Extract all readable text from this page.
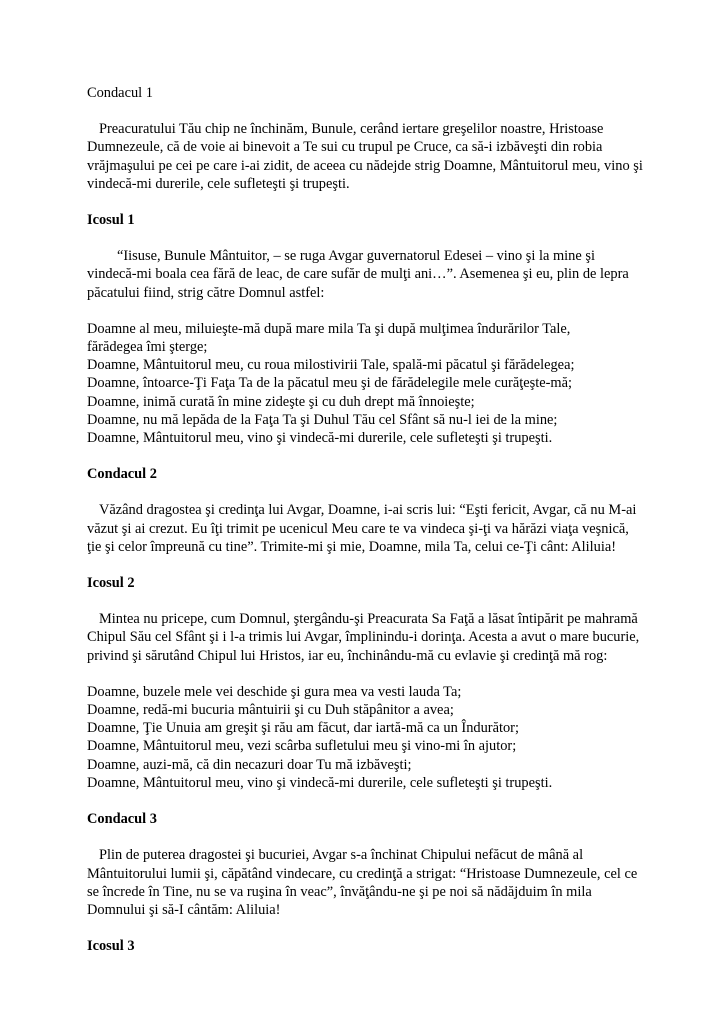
Condacul 1

Preacuratului Tău chip ne închinăm, Bunule, cerând iertare greşelilor noastre, Hristoase Dumnezeule, că de voie ai binevoit a Te sui cu trupul pe Cruce, ca să-i izbăveşti din robia vrăjmaşului pe cei pe care i-ai zidit, de aceea cu nădejde strig Doamne, Mântuitorul meu, vino şi vindecă-mi durerile, cele sufleteşti şi trupeşti.

Icosul 1

“Iisuse, Bunule Mântuitor, – se ruga Avgar guvernatorul Edesei – vino şi la mine şi vindecă-mi boala cea fără de leac, de care sufăr de mulţi ani…”. Asemenea şi eu, plin de lepra păcatului fiind, strig către Domnul astfel:

Doamne al meu, miluieşte-mă după mare mila Ta şi după mulţimea îndurărilor Tale,
fărădegea îmi şterge;
Doamne, Mântuitorul meu, cu roua milostivirii Tale, spală-mi păcatul şi fărădelegea;
Doamne, întoarce-Ţi Faţa Ta de la păcatul meu şi de fărădelegile mele curăţeşte-mă;
Doamne, inimă curată în mine zideşte şi cu duh drept mă înnoieşte;
Doamne, nu mă lepăda de la Faţa Ta şi Duhul Tău cel Sfânt să nu-l iei de la mine;
Doamne, Mântuitorul meu, vino şi vindecă-mi durerile, cele sufleteşti şi trupeşti.

Condacul 2

Văzând dragostea şi credinţa lui Avgar, Doamne, i-ai scris lui: “Eşti fericit, Avgar, că nu M-ai văzut şi ai crezut. Eu îţi trimit pe ucenicul Meu care te va vindeca şi-ţi va hărăzi viaţa veşnică, ţie şi celor împreună cu tine”. Trimite-mi şi mie, Doamne, mila Ta, celui ce-Ţi cânt: Aliluia!

Icosul 2

Mintea nu pricepe, cum Domnul, ştergându-şi Preacurata Sa Faţă a lăsat întipărit pe mahramă Chipul Său cel Sfânt şi i l-a trimis lui Avgar, împlinindu-i dorinţa. Acesta a avut o mare bucurie, privind şi sărutând Chipul lui Hristos, iar eu, închinându-mă cu evlavie şi credinţă mă rog:

Doamne, buzele mele vei deschide şi gura mea va vesti lauda Ta;
Doamne, redă-mi bucuria mântuirii şi cu Duh stăpânitor a avea;
Doamne, Ţie Unuia am greşit şi rău am făcut, dar iartă-mă ca un Îndurător;
Doamne, Mântuitorul meu, vezi scârba sufletului meu şi vino-mi în ajutor;
Doamne, auzi-mă, că din necazuri doar Tu mă izbăveşti;
Doamne, Mântuitorul meu, vino şi vindecă-mi durerile, cele sufleteşti şi trupeşti.

Condacul 3

Plin de puterea dragostei şi bucuriei, Avgar s-a închinat Chipului nefăcut de mână al Mântuitorului lumii şi, căpătând vindecare, cu credinţă a strigat: “Hristoase Dumnezeule, cel ce se încrede în Tine, nu se va ruşina în veac”, învăţându-ne şi pe noi să nădăjduim în mila Domnului şi să-I cântăm: Aliluia!

Icosul 3
